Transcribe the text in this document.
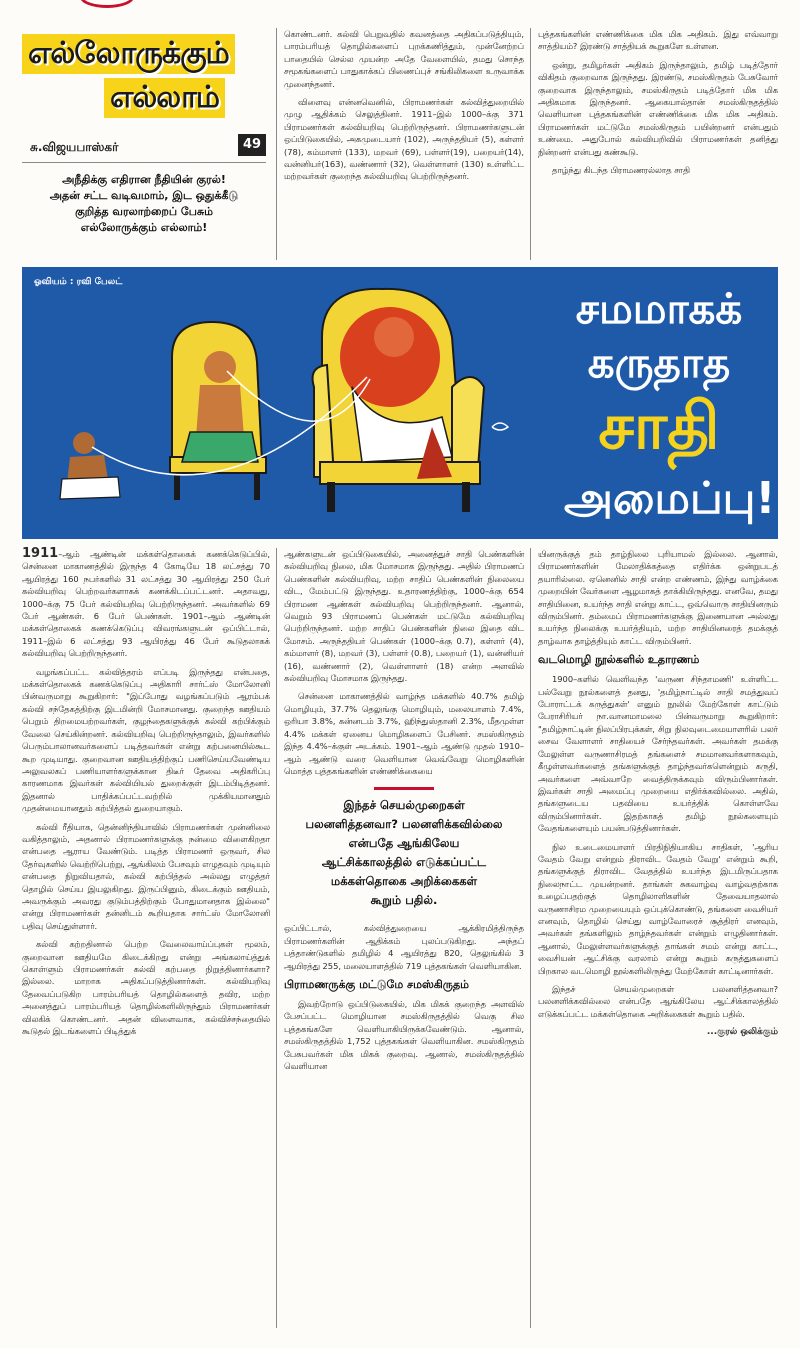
எல்லோருக்கும் எல்லாம்
சு.விஜயபாஸ்கர்	49
அநீதிக்கு எதிரான நீதியின் குரல்!
அதன் சட்ட வடிவமாம், இட ஒதுக்கீடு
குறித்த வரலாற்றைப் பேசும்
எல்லோருக்கும் எல்லாம்!

கொண்டனர். கல்வி பெறுவதில் கவனத்தை அதிகப்படுத்தியும், பாரம்பரியத் தொழில்களைப் புறக்கணித்தும், முன்னேற்றப் பாதையில் செல்ல முயன்ற அதே வேளையில், தமது சொந்த சமூகங்களைப் பாதுகாக்கப் பிணைப்புச் சங்கிலிகளை உருவாக்க முனைந்தனர்.

விளைவு என்னவெனில், பிராமணர்கள் கல்வித்துறையில் முழு ஆதிக்கம் செலுத்தினர். 1911–இல் 1000–க்கு 371 பிராமணர்கள் கல்வியறிவு பெற்றிருந்தனர். பிராமணர்களுடன் ஒப்பிடுகையில், அகமுடையார் (102), அருந்ததியர் (5), கள்ளர் (78), கம்மாளர் (133), மறவர் (69), பள்ளர்(19), பறையர்(14), வன்னியர்(163), வண்ணார் (32), வெள்ளாளர் (130) உள்ளிட்ட மற்றவர்கள் குறைந்த கல்வியறிவு பெற்றிருந்தனர்.

புத்தகங்களின் எண்ணிக்கை மிக மிக அதிகம். இது எவ்வாறு சாத்தியம்? இரண்டு சாத்தியக் கூறுகளே உள்ளன.

ஒன்று, தமிழர்கள் அதிகம் இருந்தாலும், தமிழ் படித்தோர் விகிதம் குறைவாக இருந்தது. இரண்டு, சமஸ்கிருதம் பேசுவோர் குறைவாக இருந்தாலும், சமஸ்கிருதம் படித்தோர் மிக மிக அதிகமாக இருந்தனர். ஆகையால்தான் சமஸ்கிருதத்தில் வெளியான புத்தகங்களின் எண்ணிக்கை மிக மிக அதிகம். பிராமணர்கள் மட்டுமே சமஸ்கிருதம் பயின்றனர் என்பதும் உண்மை. அதுபோல் கல்வியறிவில் பிராமணர்கள் தனித்து நின்றனர் என்பது கண்கூடு.

தாழ்ந்து கிடந்த பிராமணரல்லாத சாதி

ஓவியம் : ரவி பேலட்
சமமாகக்
கருதாத
சாதி
அமைப்பு!

1911–ஆம் ஆண்டின் மக்கள்தொகைக் கணக்கெடுப்பில், சென்னை மாகாணத்தில் இருந்த 4 கோடியே 18 லட்சத்து 70 ஆயிரத்து 160 நபர்களில் 31 லட்சத்து 30 ஆயிரத்து 250 பேர் கல்வியறிவு பெற்றவர்களாகக் கணக்கிடப்பட்டனர். அதாவது, 1000–க்கு 75 பேர் கல்வியறிவு பெற்றிருந்தனர். அவர்களில் 69 பேர் ஆண்கள். 6 பேர் பெண்கள். 1901–ஆம் ஆண்டின் மக்கள்தொகைக் கணக்கெடுப்பு விவரங்களுடன் ஒப்பிட்டால், 1911–இல் 6 லட்சத்து 93 ஆயிரத்து 46 பேர் கூடுதலாகக் கல்வியறிவு பெற்றிருந்தனர்.

வழங்கப்பட்ட கல்வித்தரம் எப்படி இருந்தது என்பதை, மக்கள்தொகைக் கணக்கெடுப்பு அதிகாரி சார்ட்ஸ் மோலோனி பின்வருமாறு கூறுகிறார்: "இப்போது வழங்கப்படும் ஆரம்பக் கல்வி சந்தேகத்திற்கு இடமின்றி மோசமானது. குறைந்த ஊதியம் பெறும் திறமையற்றவர்கள், குழந்தைகளுக்குக் கல்வி கற்பிக்கும் வேலை செய்கின்றனர். கல்வியறிவு பெற்றிருந்தாலும், இவர்களில் பெரும்பாலானவர்களைப் படித்தவர்கள் என்று கற்பனையில்கூட கூற முடியாது. குறைவான ஊதியத்திற்குப் பணிசெய்யவேண்டிய அலுவலகப் பணியாளர்களுக்கான திடீர் தேவை அதிகரிப்பு காரணமாக இவர்கள் கல்வியியல் துறைக்குள் இடம்பிடித்தனர். இதனால் பாதிக்கப்பட்டவற்றில் முக்கியமானதும் முதன்மையானதும் கற்பித்தல் துறையாகும்.

கல்வி ரீதியாக, தென்னிந்தியாவில் பிராமணர்கள் முன்னிலை வகித்தாலும், அதனால் பிராமணர்களுக்கு நன்மை விளைகிறதா என்பதை ஆராய வேண்டும். படித்த பிராமணர் ஒருவர், சில தேர்வுகளில் வெற்றிபெற்று, ஆங்கிலம் பேசவும் எழுதவும் முடியும் என்பதை நிறுவியதால், கல்வி கற்பித்தல் அல்லது எழுத்தர் தொழில் செய்ய இயலுகிறது. இருப்பினும், கிடைக்கும் ஊதியம், அவருக்கும் அவரது குடும்பத்திற்கும் போதுமானதாக இல்லை" என்று பிராமணர்கள் தன்னிடம் கூறியதாக சார்ட்ஸ் மோலோனி பதிவு செய்துள்ளார்.

கல்வி கற்றதினால் பெற்ற வேலைவாய்ப்புகள் மூலம், குறைவான ஊதியமே கிடைக்கிறது என்று அங்கலாய்த்துக் கொள்ளும் பிராமணர்கள் கல்வி கற்பதை நிறுத்தினார்களா? இல்லை. மாறாக அதிகப்படுத்தினார்கள். கல்வியறிவு தேவைப்படுகிற பாரம்பரியத் தொழில்களைத் தவிர, மற்ற அனைத்துப் பாரம்பரியத் தொழில்களிலிருந்தும் பிராமணர்கள் விலகிக் கொண்டனர். அதன் விளைவாக, கல்விச்சந்தையில் கூடுதல் இடங்களைப் பிடித்துக்

ஆண்களுடன் ஒப்பிடுகையில், அனைத்துச் சாதி பெண்களின் கல்வியறிவு நிலை, மிக மோசமாக இருந்தது. அதில் பிராமணப் பெண்களின் கல்வியறிவு, மற்ற சாதிப் பெண்களின் நிலையை விட, மேம்பட்டு இருந்தது. உதாரணத்திற்கு, 1000–க்கு 654 பிராமண ஆண்கள் கல்வியறிவு பெற்றிருந்தனர். ஆனால், வெறும் 93 பிராமணப் பெண்கள் மட்டுமே கல்வியறிவு பெற்றிருந்தனர். மற்ற சாதிப் பெண்களின் நிலை இதை விட மோசம். அருந்ததியர் பெண்கள் (1000–க்கு 0.7), கள்ளர் (4), கம்மாளர் (8), மறவர் (3), பள்ளர் (0.8), பறையர் (1), வன்னியர் (16), வண்ணார் (2), வெள்ளாளர் (18) என்ற அளவில் கல்வியறிவு மோசமாக இருந்தது.

சென்னை மாகாணத்தில் வாழ்ந்த மக்களில் 40.7% தமிழ் மொழியும், 37.7% தெலுங்கு மொழியும், மலையாளம் 7.4%, ஒரியா 3.8%, கன்னடம் 3.7%, ஹிந்துஸ்தானி 2.3%, மீதமுள்ள 4.4% மக்கள் ஏனைய மொழிகளைப் பேசினர். சமஸ்கிருதம் இந்த 4.4%–க்குள் அடக்கம். 1901–ஆம் ஆண்டு முதல் 1910–ஆம் ஆண்டு வரை வெளியான வெவ்வேறு மொழிகளின் மொத்த புத்தகங்களின் எண்ணிக்கையை

இந்தச் செயல்முறைகள்
பலனளித்தனவா? பலனளிக்கவில்லை
என்பதே ஆங்கிலேய
ஆட்சிக்காலத்தில் எடுக்கப்பட்ட
மக்கள்தொகை அறிக்கைகள்
கூறும் பதில்.

ஒப்பிட்டால், கல்வித்துறையை ஆக்கிரமித்திருந்த பிராமணர்களின் ஆதிக்கம் புலப்படுகிறது. அந்தப் பத்தாண்டுகளில் தமிழில் 4 ஆயிரத்து 820, தெலுங்கில் 3 ஆயிரத்து 255, மலையாளத்தில் 719 புத்தகங்கள் வெளியாகின.

பிராமணருக்கு மட்டுமே சமஸ்கிருதம்

இவற்றோடு ஒப்பிடுகையில், மிக மிகக் குறைந்த அளவில் பேசப்பட்ட மொழியான சமஸ்கிருதத்தில் வெகு சில புத்தகங்களே வெளியாகியிருக்கவேண்டும். ஆனால், சமஸ்கிருதத்தில் 1,752 புத்தகங்கள் வெளியாகின. சமஸ்கிருதம் பேசுபவர்கள் மிக மிகக் குறைவு. ஆனால், சமஸ்கிருதத்தில் வெளியான

யினருக்குத் தம் தாழ்நிலை புரியாமல் இல்லை. ஆனால், பிராமணர்களின் மேலாதிக்கத்தை எதிர்க்க ஒன்றுபடத் தயாரில்லை. ஏனெனில் சாதி என்ற எண்ணம், இந்து வாழ்க்கை முறையின் வேர்களை ஆழமாகத் தாக்கியிருந்தது. எனவே, தமது சாதியினை, உயர்ந்த சாதி என்று காட்ட, ஒவ்வொரு சாதியினரும் விரும்பினர். தம்மைப் பிராமணர்களுக்கு இணையான அல்லது உயர்ந்த நிலைக்கு உயர்த்தியும், மற்ற சாதியினரைத் தமக்குத் தாழ்வாக தாழ்த்தியும் காட்ட விரும்பினர்.

வடமொழி நூல்களில் உதாரணம்

1900–களில் வெளிவந்த 'வருண சிந்தாமணி' உள்ளிட்ட பல்வேறு நூல்களைத் தனது, 'தமிழ்நாட்டில் சாதி சமத்துவப் போராட்டக் கருத்துகள்' எனும் நூலில் மேற்கோள் காட்டும் பேராசிரியர் நா.வானமாமலை பின்வருமாறு கூறுகிறார்: "தமிழ்நாட்டின் நிலப்பிரபுக்கள், சிறு நிலவுடைமையாளரில் பலர் சைவ வேளாளர் சாதியைச் சேர்ந்தவர்கள். அவர்கள் தமக்கு மேலுள்ள வருணாசிரமத் தங்களைச் சமமானவர்களாகவும், கீழுள்ளவர்களைத் தங்களுக்குத் தாழ்ந்தவர்களென்றும் கருதி, அவர்களை அவ்வாறே வைத்திருக்கவும் விரும்பினார்கள். இவர்கள் சாதி அமைப்பு முறையை எதிர்க்கவில்லை. அதில், தங்களுடைய பதவியை உயர்த்திக் கொள்ளவே விரும்பினார்கள். இதற்காகத் தமிழ் நூல்களையும் வேதங்களையும் பயன்படுத்தினார்கள்.

நில உடைமையாளர் பிரதிநிதியாகிய சாதிகள், 'ஆரிய வேதம் வேறு என்றும் திராவிட வேதம் வேறு' என்றும் கூறி, தங்களுக்குத் திராவிட வேதத்தில் உயர்ந்த இடமிருப்பதாக நிலைநாட்ட முயன்றனர். தாங்கள் சுகவாழ்வு வாழ்வதற்காக உழைப்பதற்குத் தொழிலாளிகளின் தேவையாதலால் வருணாசிரம முறையையும் ஒப்புக்கொண்டு, தங்களை வைசியர் எனவும், தொழில் செய்து வாழ்வோரைச் சூத்திரர் எனவும், அவர்கள் தங்களிலும் தாழ்ந்தவர்கள் என்றும் எழுதினார்கள். ஆனால், மேலுள்ளவர்களுக்குத் தாங்கள் சமம் என்று காட்ட, வைசியன் ஆட்சிக்கு வரலாம் என்று கூறும் கருத்துகளைப் பிறகால வடமொழி நூல்களிலிருந்து மேற்கோள் காட்டினார்கள்.

இந்தச் செயல்முறைகள் பலனளித்தனவா? பலனளிக்கவில்லை என்பதே ஆங்கிலேய ஆட்சிக்காலத்தில் எடுக்கப்பட்ட மக்கள்தொகை அறிக்கைகள் கூறும் பதில்.

...குரல் ஒலிக்கும்
